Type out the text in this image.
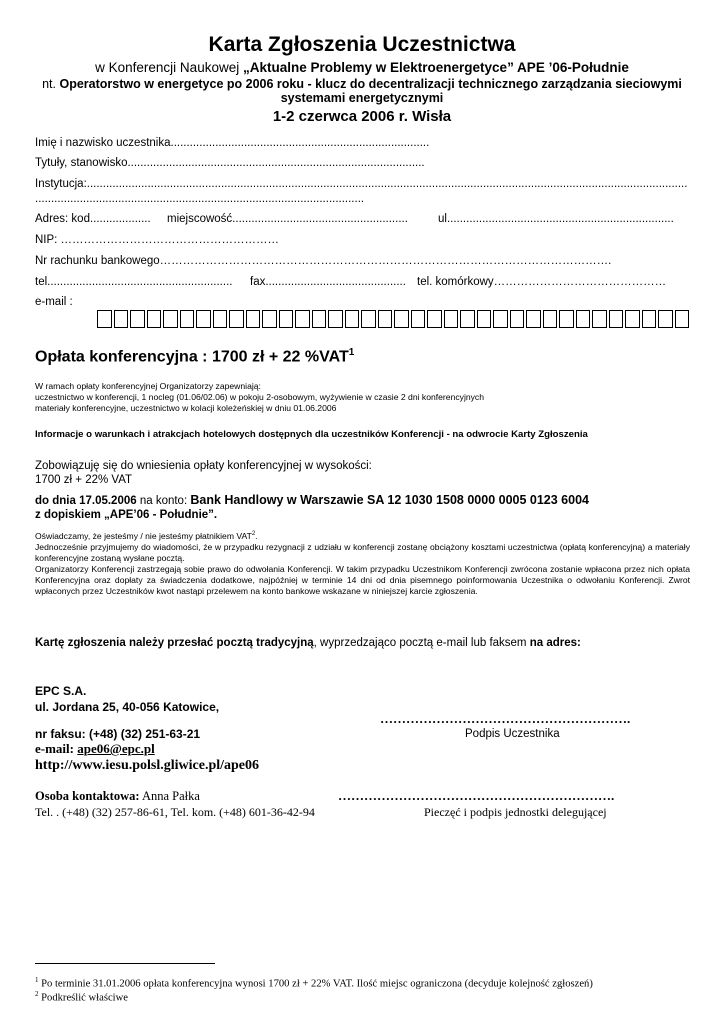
Karta Zgłoszenia Uczestnictwa
w Konferencji Naukowej „Aktualne Problemy w Elektroenergetyce” APE ’06-Południe
nt. Operatorstwo w energetyce po 2006 roku - klucz do decentralizacji technicznego zarządzania sieciowymi systemami energetycznymi
1-2 czerwca 2006 r. Wisła
Imię i nazwisko uczestnika.................................................................................
Tytuły, stanowisko.............................................................................................
Instytucja:............................................................................................................................................................................................
.......................................................................................................
Adres: kod................... miejscowość.......................................................	ul.......................................................................
NIP: …………………………………………………
Nr rachunku bankowego……………………………………………………………………………………………………….
tel.......................................................... fax............................................ tel. komórkowy………………………………………
e-mail :
Opłata konferencyjna : 1700 zł + 22 %VAT$^1$
W ramach opłaty konferencyjnej Organizatorzy zapewniają:
uczestnictwo w konferencji, 1 nocleg (01.06/02.06) w pokoju 2-osobowym, wyżywienie w czasie 2 dni konferencyjnych
materiały konferencyjne, uczestnictwo w kolacji koleżeńskiej w dniu 01.06.2006
Informacje o warunkach i atrakcjach hotelowych dostępnych dla uczestników Konferencji - na odwrocie Karty Zgłoszenia
Zobowiązuję się do wniesienia opłaty konferencyjnej w wysokości:
1700 zł + 22% VAT
do dnia 17.05.2006 na konto: Bank Handlowy w Warszawie SA 12 1030 1508 0000 0005 0123 6004
z dopiskiem „APE’06 - Południe”.
Oświadczamy, że jesteśmy / nie jesteśmy płatnikiem VAT$^2$.
Jednocześnie przyjmujemy do wiadomości, że w przypadku rezygnacji z udziału w konferencji zostanę obciążony kosztami uczestnictwa (opłatą konferencyjną) a materiały konferencyjne zostaną wysłane pocztą.
Organizatorzy Konferencji zastrzegają sobie prawo do odwołania Konferencji. W takim przypadku Uczestnikom Konferencji zwrócona zostanie wpłacona przez nich opłata Konferencyjna oraz dopłaty za świadczenia dodatkowe, najpóźniej w terminie 14 dni od dnia pisemnego poinformowania Uczestnika o odwołaniu Konferencji. Zwrot wpłaconych przez Uczestników kwot nastąpi przelewem na konto bankowe wskazane w niniejszej karcie zgłoszenia.
Kartę zgłoszenia należy przesłać pocztą tradycyjną, wyprzedzająco pocztą e-mail lub faksem na adres:
EPC S.A.
ul. Jordana 25, 40-056 Katowice,
nr faksu: (+48) (32) 251-63-21
e-mail: ape06@epc.pl
http://www.iesu.polsl.gliwice.pl/ape06
………………………………………………….
Podpis Uczestnika
Osoba kontaktowa: Anna Pałka
Tel. . (+48) (32) 257-86-61, Tel. kom. (+48) 601-36-42-94
……………………………………………………….
Pieczęć i podpis jednostki delegującej
$^1$ Po terminie 31.01.2006 opłata konferencyjna wynosi 1700 zł + 22% VAT. Ilość miejsc ograniczona (decyduje kolejność zgłoszeń)
$^2$ Podkreślić właściwe
